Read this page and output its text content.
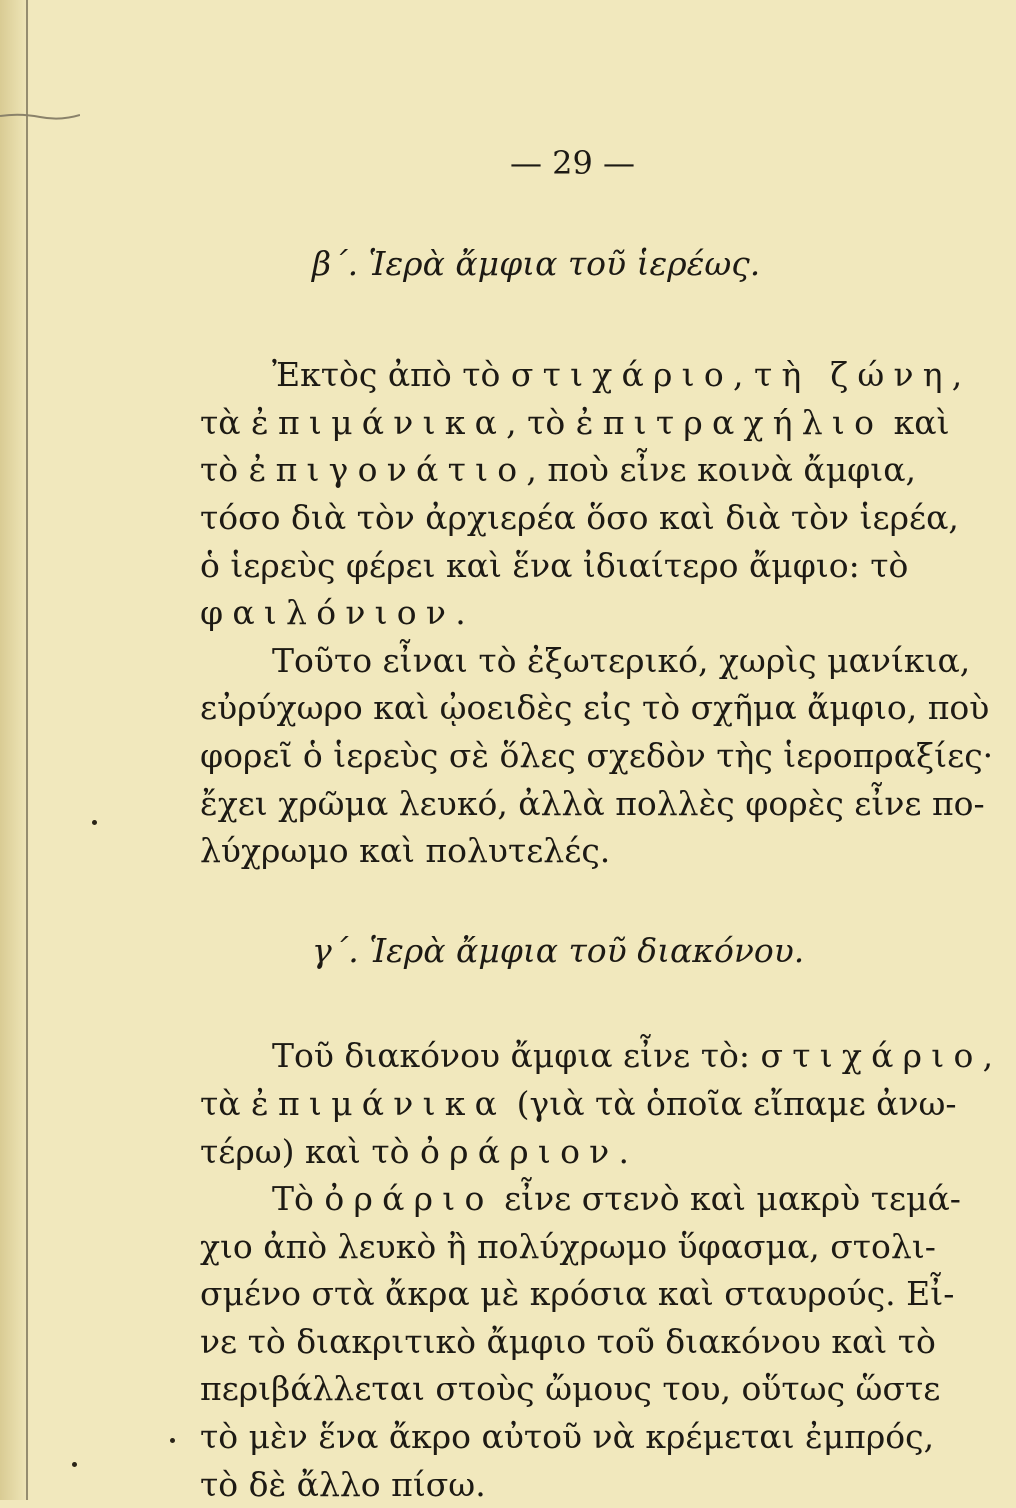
— 29 —
β΄. Ἱερὰ ἄμφια τοῦ ἱερέως.
Ἐκτὸς ἀπὸ τὸ στιχάριο, τὴ ζώνη,
τὰ ἐπιμάνικα, τὸ ἐπιτραχήλιο καὶ
τὸ ἐπιγονάτιο, ποὺ εἶνε κοινὰ ἄμφια,
τόσο διὰ τὸν ἀρχιερέα ὅσο καὶ διὰ τὸν ἱερέα,
ὁ ἱερεὺς φέρει καὶ ἕνα ἰδιαίτερο ἄμφιο: τὸ
φαιλόνιον.
Τοῦτο εἶναι τὸ ἐξωτερικό, χωρὶς μανίκια,
εὐρύχωρο καὶ ᾠοειδὲς εἰς τὸ σχῆμα ἄμφιο, ποὺ
φορεῖ ὁ ἱερεὺς σὲ ὅλες σχεδὸν τὴς ἱεροπραξίες·
ἔχει χρῶμα λευκό, ἀλλὰ πολλὲς φορὲς εἶνε πο-
λύχρωμο καὶ πολυτελές.
γ΄. Ἱερὰ ἄμφια τοῦ διακόνου.
Τοῦ διακόνου ἄμφια εἶνε τὸ: στιχάριο,
τὰ ἐπιμάνικα (γιὰ τὰ ὁποῖα εἴπαμε ἀνω-
τέρω) καὶ τὸ ὀράριον.
Τὸ ὀράριο εἶνε στενὸ καὶ μακρὺ τεμά-
χιο ἀπὸ λευκὸ ἢ πολύχρωμο ὕφασμα, στολι-
σμένο στὰ ἄκρα μὲ κρόσια καὶ σταυρούς. Εἶ-
νε τὸ διακριτικὸ ἄμφιο τοῦ διακόνου καὶ τὸ
περιβάλλεται στοὺς ὤμους του, οὕτως ὥστε
τὸ μὲν ἕνα ἄκρο αὐτοῦ νὰ κρέμεται ἐμπρός,
τὸ δὲ ἄλλο πίσω.
